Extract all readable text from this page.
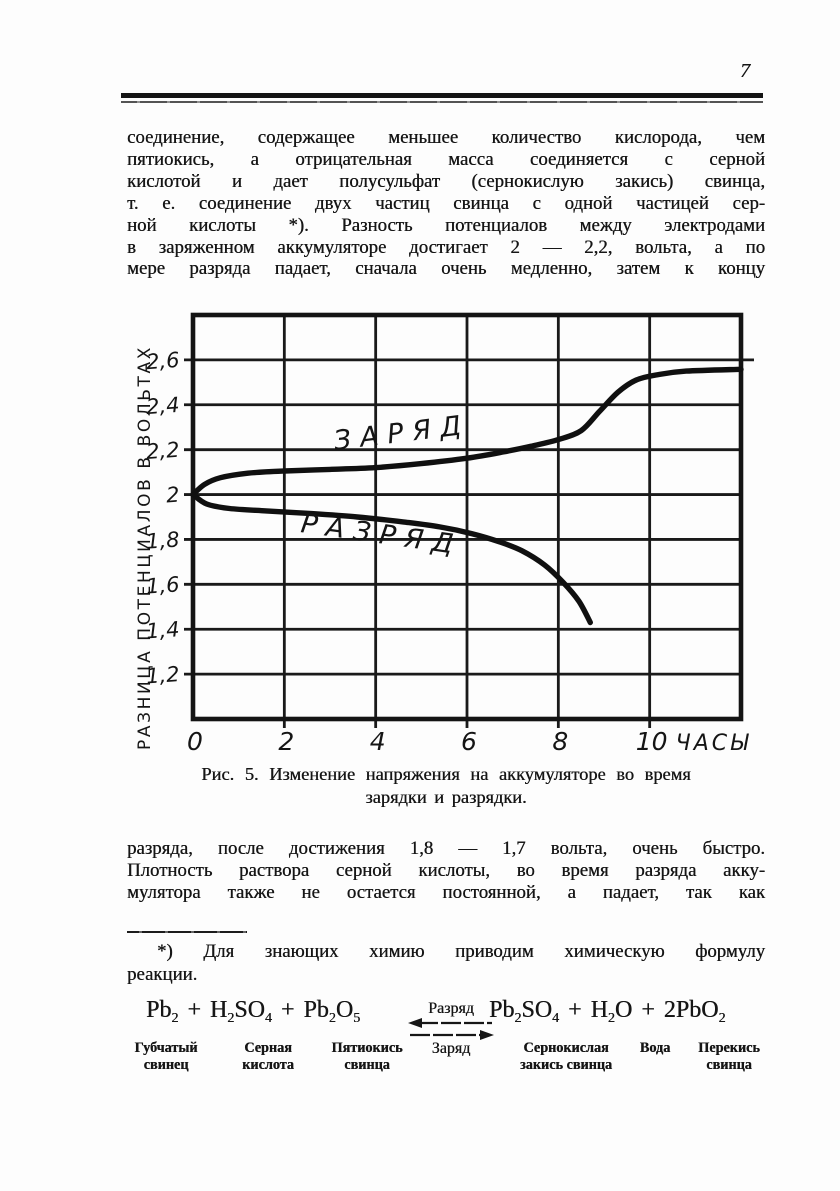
7
соединение, содержащее меньшее количество кислорода, чем
пятиокись, а отрицательная масса соединяется с серной
кислотой и дает полусульфат (сернокислую закись) свинца,
т. е. соединение двух частиц свинца с одной частицей сер-
ной кислоты *). Разность потенциалов между электродами
в заряженном аккумуляторе достигает 2 — 2,2, вольта, а по
мере разряда падает, сначала очень медленно, затем к концу
2,6
2,4
2,2
2
1,8
1,6
1,4
1,2
0	2	4	6	8	10 ЧАСЫ
РАЗНИЦА ПОТЕНЦИАЛОВ В ВОЛЬТАХ	ЗАРЯД
РАЗРЯД
Рис. 5. Изменение напряжения на аккумуляторе во время
зарядки и разрядки.
разряда, после достижения 1,8 — 1,7 вольта, очень быстро.
Плотность раствора серной кислоты, во время разряда акку-
мулятора также не остается постоянной, а падает, так как
*) Для знающих химию приводим химическую формулу
реакции.
$Pb_2 + H_2SO_4 + Pb_2O_5$
Разряд
Заряд
$Pb_2SO_4 + H_2O + 2PbO_2$
Губчатый
свинец
Серная
кислота
Пятиокись
свинца
Сернокислая
закись свинца
Вода	Перекись
свинца
